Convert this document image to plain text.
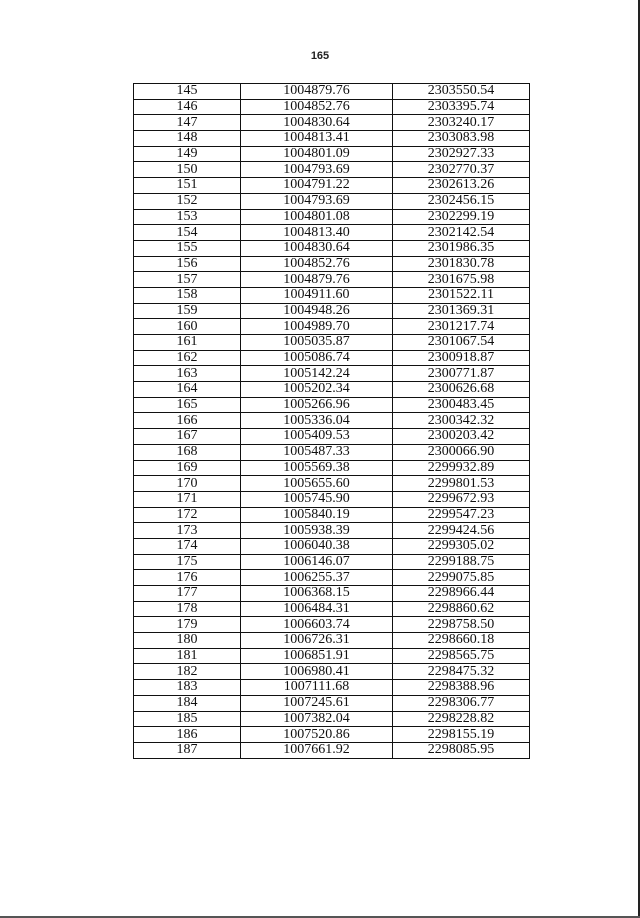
165
145	1004879.76	2303550.54
146	1004852.76	2303395.74
147	1004830.64	2303240.17
148	1004813.41	2303083.98
149	1004801.09	2302927.33
150	1004793.69	2302770.37
151	1004791.22	2302613.26
152	1004793.69	2302456.15
153	1004801.08	2302299.19
154	1004813.40	2302142.54
155	1004830.64	2301986.35
156	1004852.76	2301830.78
157	1004879.76	2301675.98
158	1004911.60	2301522.11
159	1004948.26	2301369.31
160	1004989.70	2301217.74
161	1005035.87	2301067.54
162	1005086.74	2300918.87
163	1005142.24	2300771.87
164	1005202.34	2300626.68
165	1005266.96	2300483.45
166	1005336.04	2300342.32
167	1005409.53	2300203.42
168	1005487.33	2300066.90
169	1005569.38	2299932.89
170	1005655.60	2299801.53
171	1005745.90	2299672.93
172	1005840.19	2299547.23
173	1005938.39	2299424.56
174	1006040.38	2299305.02
175	1006146.07	2299188.75
176	1006255.37	2299075.85
177	1006368.15	2298966.44
178	1006484.31	2298860.62
179	1006603.74	2298758.50
180	1006726.31	2298660.18
181	1006851.91	2298565.75
182	1006980.41	2298475.32
183	1007111.68	2298388.96
184	1007245.61	2298306.77
185	1007382.04	2298228.82
186	1007520.86	2298155.19
187	1007661.92	2298085.95
